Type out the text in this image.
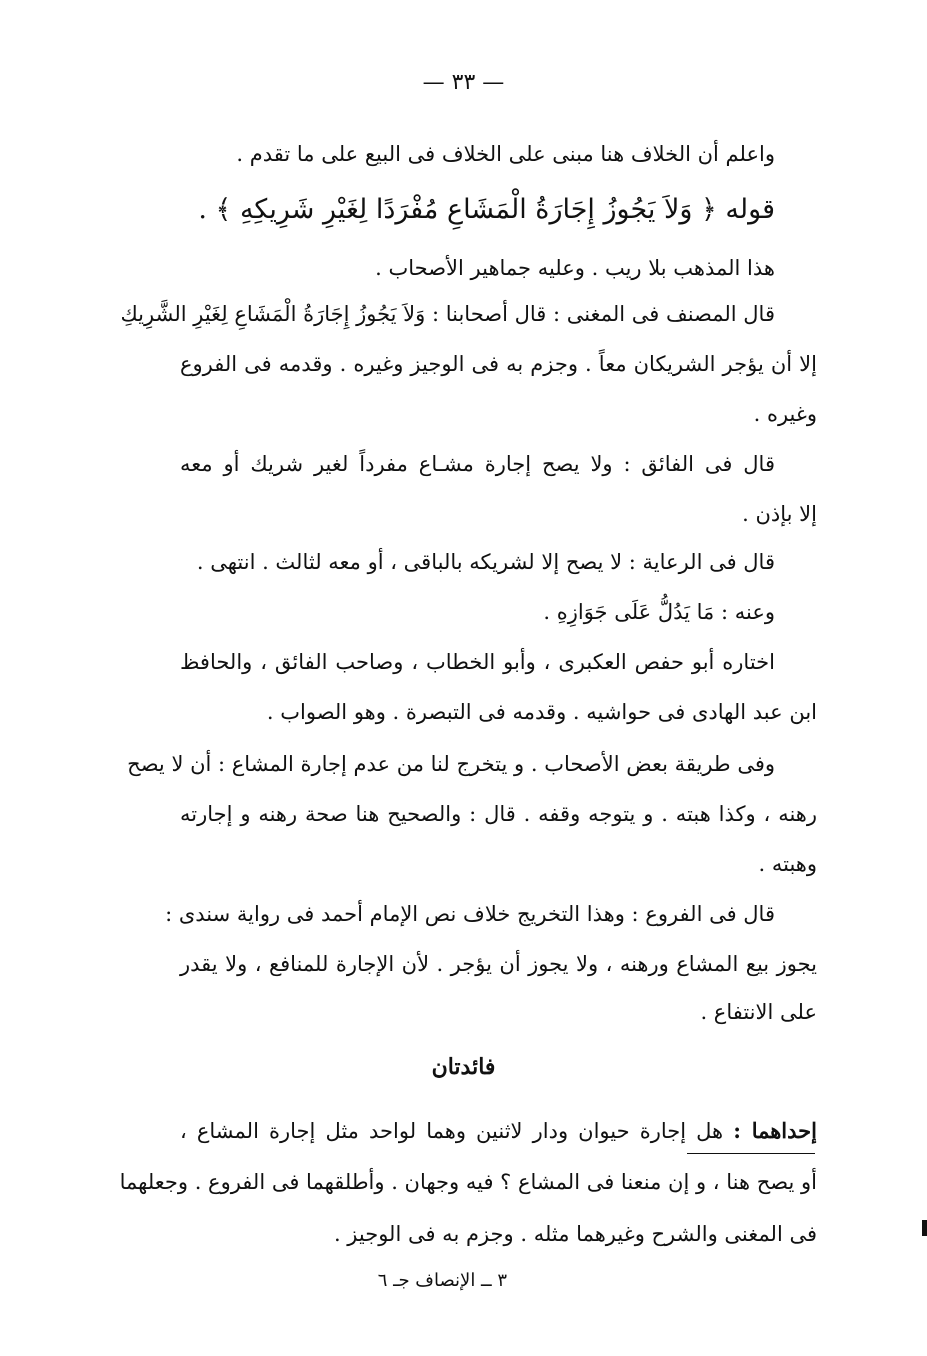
— ٣٣ —
واعلم أن الخلاف هنا مبنى على الخلاف فى البيع على ما تقدم .
قوله ﴿ وَلاَ يَجُوزُ إِجَارَةُ الْمَشَاعِ مُفْرَدًا لِغَيْرِ شَرِيكِهِ ﴾ .
هذا المذهب بلا ريب . وعليه جماهير الأصحاب .
قال المصنف فى المغنى : قال أصحابنا : وَلاَ يَجُوزُ إِجَارَةُ الْمَشَاعِ لِغَيْرِ الشَّرِيكِ
إلا أن يؤجر الشريكان معاً . وجزم به فى الوجيز وغيره . وقدمه فى الفروع
وغيره .
قال فى الفائق : ولا يصح إجارة مشـاع مفرداً لغير شريك أو معه
إلا بإذن .
قال فى الرعاية : لا يصح إلا لشريكه بالباقى ، أو معه لثالث . انتهى .
وعنه : مَا يَدُلُّ عَلَى جَوَازِهِ .
اختاره أبو حفص العكبرى ، وأبو الخطاب ، وصاحب الفائق ، والحافظ
ابن عبد الهادى فى حواشيه . وقدمه فى التبصرة . وهو الصواب .
وفى طريقة بعض الأصحاب . و يتخرج لنا من عدم إجارة المشاع : أن لا يصح
رهنه ، وكذا هبته . و يتوجه وقفه . قال : والصحيح هنا صحة رهنه و إجارته
وهبته .
قال فى الفروع : وهذا التخريج خلاف نص الإمام أحمد فى رواية سندى :
يجوز بيع المشاع ورهنه ، ولا يجوز أن يؤجر . لأن الإجارة للمنافع ، ولا يقدر
على الانتفاع .
فائدتان
إحداهما : هل إجارة حيوان ودار لاثنين وهما لواحد مثل إجارة المشاع ،
أو يصح هنا ، و إن منعنا فى المشاع ؟ فيه وجهان . وأطلقهما فى الفروع . وجعلهما
فى المغنى والشرح وغيرهما مثله . وجزم به فى الوجيز .
٣ ــ الإنصاف جـ ٦
